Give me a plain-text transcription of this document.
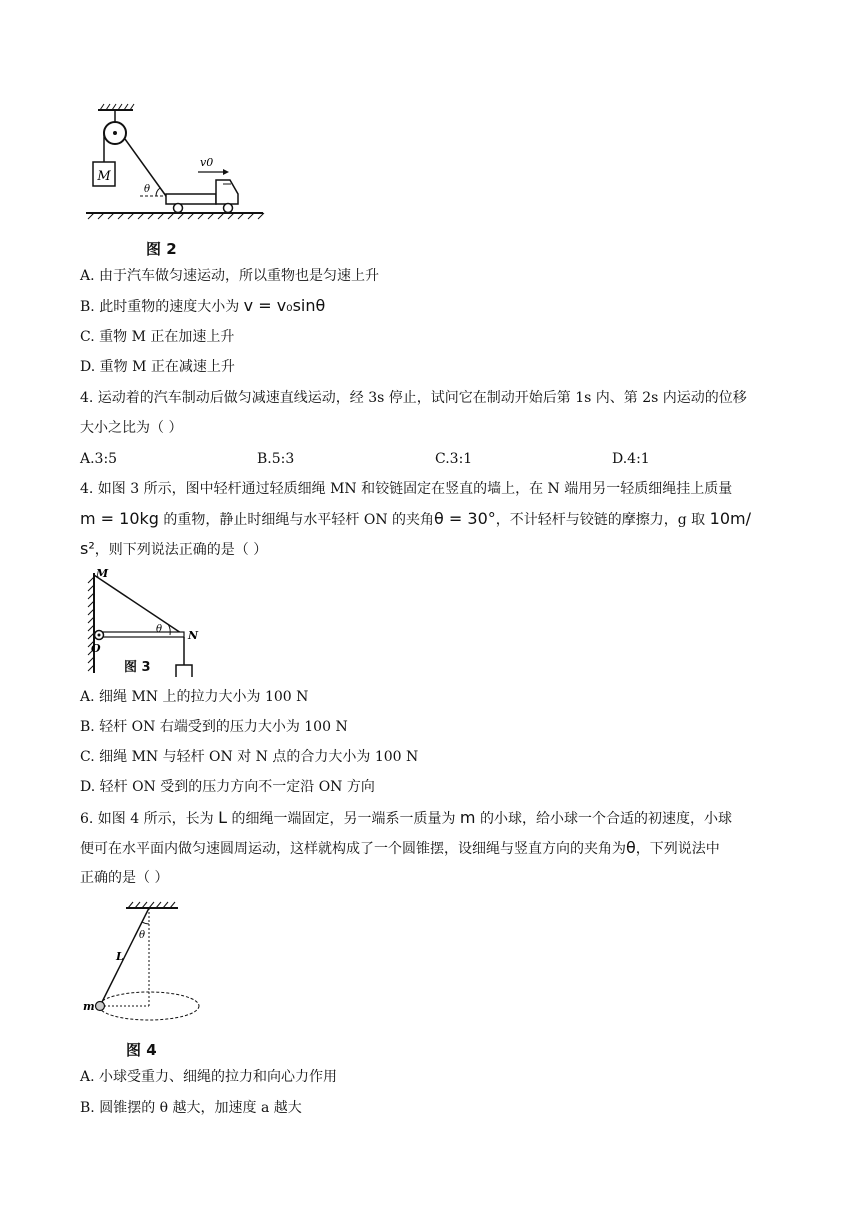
M
θ
v0
图 2
A. 由于汽车做匀速运动，所以重物也是匀速上升
B. 此时重物的速度大小为 v = v₀sinθ
C. 重物 M 正在加速上升
D. 重物 M 正在减速上升
4. 运动着的汽车制动后做匀减速直线运动，经 3s 停止，试问它在制动开始后第 1s 内、第 2s 内运动的位移
大小之比为（ ）
A.3:5	B.5:3	C.3:1	D.4:1
4. 如图 3 所示，图中轻杆通过轻质细绳 MN 和铰链固定在竖直的墙上，在 N 端用另一轻质细绳挂上质量
m = 10kg 的重物，静止时细绳与水平轻杆 ON 的夹角θ = 30°，不计轻杆与铰链的摩擦力，g 取 10m/
s²，则下列说法正确的是（ ）
θ
M
O
N
图 3
A. 细绳 MN 上的拉力大小为 100 N
B. 轻杆 ON 右端受到的压力大小为 100 N
C. 细绳 MN 与轻杆 ON 对 N 点的合力大小为 100 N
D. 轻杆 ON 受到的压力方向不一定沿 ON 方向
6. 如图 4 所示，长为 L 的细绳一端固定，另一端系一质量为 m 的小球，给小球一个合适的初速度，小球
便可在水平面内做匀速圆周运动，这样就构成了一个圆锥摆，设细绳与竖直方向的夹角为θ，下列说法中
正确的是（ ）
θ
L
m
图 4
A. 小球受重力、细绳的拉力和向心力作用
B. 圆锥摆的 θ 越大，加速度 a 越大
